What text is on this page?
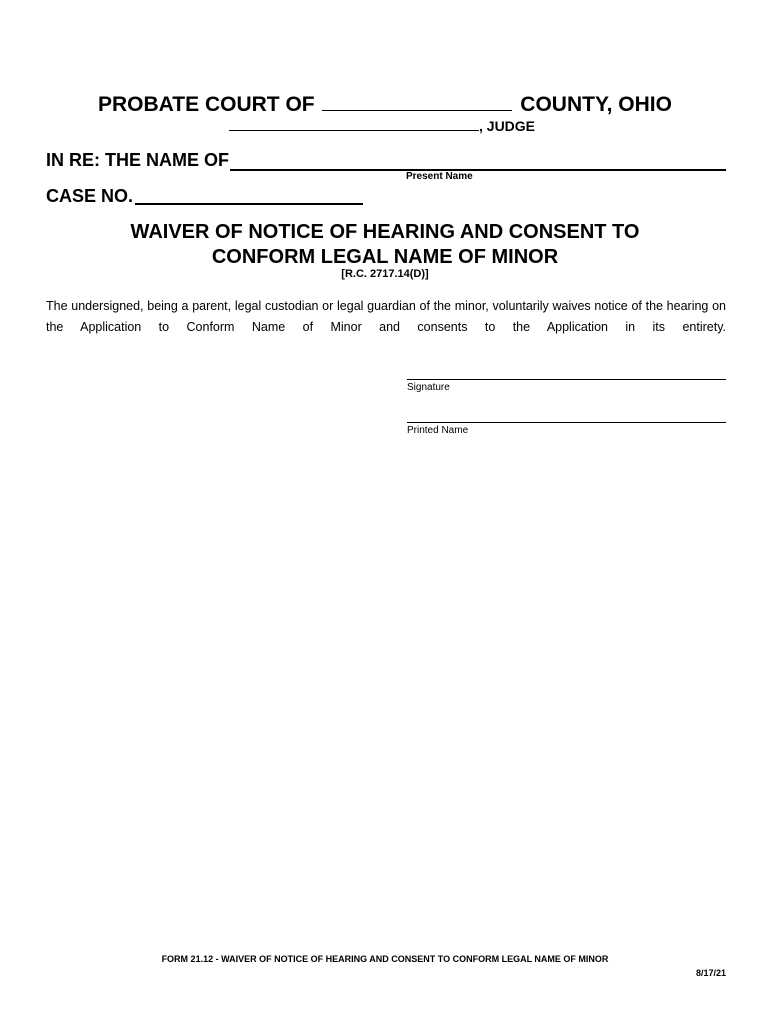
PROBATE COURT OF	COUNTY, OHIO
, JUDGE
IN RE: THE NAME OF
Present Name
CASE NO.
WAIVER OF NOTICE OF HEARING AND CONSENT TO
CONFORM LEGAL NAME OF MINOR
[R.C. 2717.14(D)]
The undersigned, being a parent, legal custodian or legal guardian of the minor, voluntarily waives notice of the hearing on the Application to Conform Name of Minor and consents to the Application in its entirety.
Signature
Printed Name
FORM 21.12 - WAIVER OF NOTICE OF HEARING AND CONSENT TO CONFORM LEGAL NAME OF MINOR
8/17/21
